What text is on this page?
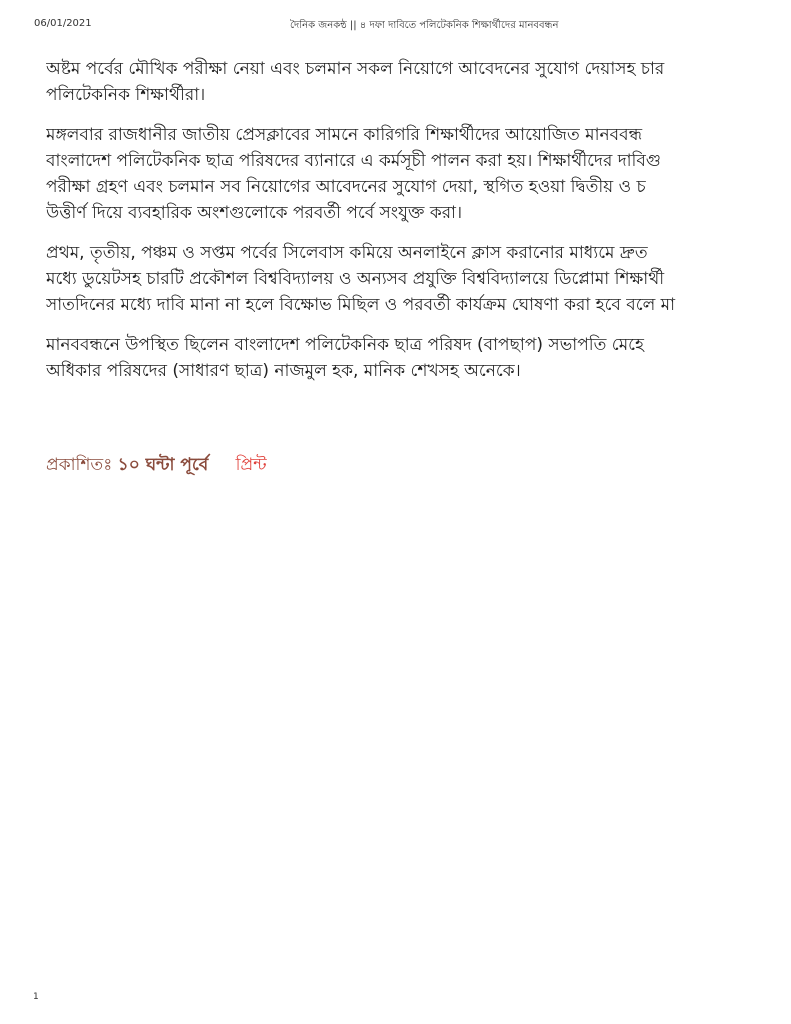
06/01/2021	দৈনিক জনকন্ঠ || ৪ দফা দাবিতে পলিটেকনিক শিক্ষার্থীদের মানববন্ধন

অষ্টম পর্বের মৌখিক পরীক্ষা নেয়া এবং চলমান সকল নিয়োগে আবেদনের সুযোগ দেয়াসহ চার
পলিটেকনিক শিক্ষার্থীরা।

মঙ্গলবার রাজধানীর জাতীয় প্রেসক্লাবের সামনে কারিগরি শিক্ষার্থীদের আয়োজিত মানববন্ধ
বাংলাদেশ পলিটেকনিক ছাত্র পরিষদের ব্যানারে এ কর্মসূচী পালন করা হয়। শিক্ষার্থীদের দাবিগু
পরীক্ষা গ্রহণ এবং চলমান সব নিয়োগের আবেদনের সুযোগ দেয়া, স্থগিত হওয়া দ্বিতীয় ও চ
উত্তীর্ণ দিয়ে ব্যবহারিক অংশগুলোকে পরবর্তী পর্বে সংযুক্ত করা।

প্রথম, তৃতীয়, পঞ্চম ও সপ্তম পর্বের সিলেবাস কমিয়ে অনলাইনে ক্লাস করানোর মাধ্যমে দ্রুত
মধ্যে ডুয়েটসহ চারটি প্রকৌশল বিশ্ববিদ্যালয় ও অন্যসব প্রযুক্তি বিশ্ববিদ্যালয়ে ডিপ্লোমা শিক্ষার্থী
সাতদিনের মধ্যে দাবি মানা না হলে বিক্ষোভ মিছিল ও পরবর্তী কার্যক্রম ঘোষণা করা হবে বলে মা

মানববন্ধনে উপস্থিত ছিলেন বাংলাদেশ পলিটেকনিক ছাত্র পরিষদ (বাপছাপ) সভাপতি মেহে
অধিকার পরিষদের (সাধারণ ছাত্র) নাজমুল হক, মানিক শেখসহ অনেকে।

প্রকাশিতঃ ১০ ঘন্টা পূর্বে প্রিন্ট
1
